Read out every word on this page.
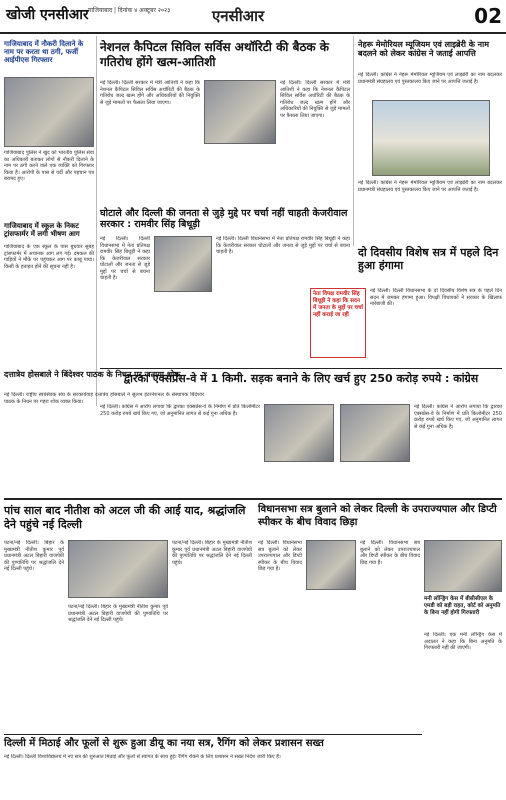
खोजी एनसीआर गाजियाबाद | दिनांक ४ अक्टूबर २०२३	एनसीआर	02
गाजियाबाद में नौकरी दिलाने के नाम पर करता था ठगी, फर्जी आईपीएस गिरफ्तार
गाजियाबाद पुलिस ने खुद को भारतीय पुलिस सेवा का अधिकारी बताकर लोगों से नौकरी दिलाने के नाम पर ठगी करने वाले एक व्यक्ति को गिरफ्तार किया है। आरोपी के पास से वर्दी और पहचान पत्र बरामद हुए।
गाजियाबाद में स्कूल के निकट ट्रांसफार्मर में लगी भीषण आग
गाजियाबाद के एक स्कूल के पास बुधवार सुबह ट्रांसफार्मर में अचानक आग लग गई। दमकल की गाड़ियों ने मौके पर पहुंचकर आग पर काबू पाया। किसी के हताहत होने की सूचना नहीं है।
दत्तात्रेय होसबाले ने बिंदेश्वर पाठक के निधन पर जताया शोक
नई दिल्ली। राष्ट्रीय स्वयंसेवक संघ के सरकार्यवाह दत्तात्रेय होसबाले ने सुलभ इंटरनेशनल के संस्थापक बिंदेश्वर पाठक के निधन पर गहरा शोक व्यक्त किया।
नेशनल कैपिटल सिविल सर्विस अथॉरिटी की बैठक के गतिरोध होंगे खत्म-आतिशी
नई दिल्ली। दिल्ली सरकार में मंत्री आतिशी ने कहा कि नेशनल कैपिटल सिविल सर्विस अथॉरिटी की बैठक के गतिरोध जल्द खत्म होंगे और अधिकारियों की नियुक्ति से जुड़े मामलों पर फैसला लिया जाएगा।
नई दिल्ली। दिल्ली सरकार में मंत्री आतिशी ने कहा कि नेशनल कैपिटल सिविल सर्विस अथॉरिटी की बैठक के गतिरोध जल्द खत्म होंगे और अधिकारियों की नियुक्ति से जुड़े मामलों पर फैसला लिया जाएगा।
नेहरू मेमोरियल म्यूजियम एवं लाइब्रेरी के नाम बदलने को लेकर कांग्रेस ने जताई आपत्ति
नई दिल्ली। कांग्रेस ने नेहरू मेमोरियल म्यूजियम एवं लाइब्रेरी का नाम बदलकर प्रधानमंत्री संग्रहालय एवं पुस्तकालय किए जाने पर आपत्ति जताई है।
नई दिल्ली। कांग्रेस ने नेहरू मेमोरियल म्यूजियम एवं लाइब्रेरी का नाम बदलकर प्रधानमंत्री संग्रहालय एवं पुस्तकालय किए जाने पर आपत्ति जताई है।
घोटाले और दिल्ली की जनता से जुड़े मुद्दे पर चर्चा नहीं चाहती केजरीवाल सरकार : रामवीर सिंह बिधूड़ी
नई दिल्ली। दिल्ली विधानसभा में नेता प्रतिपक्ष रामवीर सिंह बिधूड़ी ने कहा कि केजरीवाल सरकार घोटालों और जनता से जुड़े मुद्दों पर चर्चा से बचना चाहती है।
नई दिल्ली। दिल्ली विधानसभा में नेता प्रतिपक्ष रामवीर सिंह बिधूड़ी ने कहा कि केजरीवाल सरकार घोटालों और जनता से जुड़े मुद्दों पर चर्चा से बचना चाहती है।	दो दिवसीय विशेष सत्र में पहले दिन हुआ हंगामा
नेता विपक्ष रामवीर सिंह बिधूड़ी ने कहा कि सदन में जनता के मुद्दों पर चर्चा नहीं कराई जा रही
नई दिल्ली। दिल्ली विधानसभा के दो दिवसीय विशेष सत्र के पहले दिन सदन में जमकर हंगामा हुआ। विपक्षी विधायकों ने सरकार के खिलाफ नारेबाजी की।
द्वारका एक्सप्रेस-वे में 1 किमी. सड़क बनाने के लिए खर्च हुए 250 करोड़ रुपये : कांग्रेस
नई दिल्ली। कांग्रेस ने आरोप लगाया कि द्वारका एक्सप्रेस-वे के निर्माण में प्रति किलोमीटर 250 करोड़ रुपये खर्च किए गए, जो अनुमानित लागत से कई गुना अधिक है।
नई दिल्ली। कांग्रेस ने आरोप लगाया कि द्वारका एक्सप्रेस-वे के निर्माण में प्रति किलोमीटर 250 करोड़ रुपये खर्च किए गए, जो अनुमानित लागत से कई गुना अधिक है।
पांच साल बाद नीतीश को अटल जी की आई याद, श्रद्धांजलि देने पहुंचे नई दिल्ली
पटना/नई दिल्ली। बिहार के मुख्यमंत्री नीतीश कुमार पूर्व प्रधानमंत्री अटल बिहारी वाजपेयी की पुण्यतिथि पर श्रद्धांजलि देने नई दिल्ली पहुंचे।
पटना/नई दिल्ली। बिहार के मुख्यमंत्री नीतीश कुमार पूर्व प्रधानमंत्री अटल बिहारी वाजपेयी की पुण्यतिथि पर श्रद्धांजलि देने नई दिल्ली पहुंचे।
पटना/नई दिल्ली। बिहार के मुख्यमंत्री नीतीश कुमार पूर्व प्रधानमंत्री अटल बिहारी वाजपेयी की पुण्यतिथि पर श्रद्धांजलि देने नई दिल्ली पहुंचे।
विधानसभा सत्र बुलाने को लेकर दिल्ली के उपराज्यपाल और डिप्टी स्पीकर के बीच विवाद छिड़ा
नई दिल्ली। विधानसभा सत्र बुलाने को लेकर उपराज्यपाल और डिप्टी स्पीकर के बीच विवाद छिड़ गया है।
नई दिल्ली। विधानसभा सत्र बुलाने को लेकर उपराज्यपाल और डिप्टी स्पीकर के बीच विवाद छिड़ गया है।
मनी लॉन्ड्रिंग केस में बीसीसीएल के एमडी को बड़ी राहत, कोर्ट को अनुमति के बिना नहीं होगी गिरफ्तारी
नई दिल्ली। एक मनी लॉन्ड्रिंग केस में अदालत ने कहा कि बिना अनुमति के गिरफ्तारी नहीं की जाएगी।
दिल्ली में मिठाई और फूलों से शुरू हुआ डीयू का नया सत्र, रैगिंग को लेकर प्रशासन सख्त
नई दिल्ली। दिल्ली विश्वविद्यालय में नए सत्र की शुरुआत मिठाई और फूलों से स्वागत के साथ हुई। रैगिंग रोकने के लिए प्रशासन ने सख्त निर्देश जारी किए हैं।
